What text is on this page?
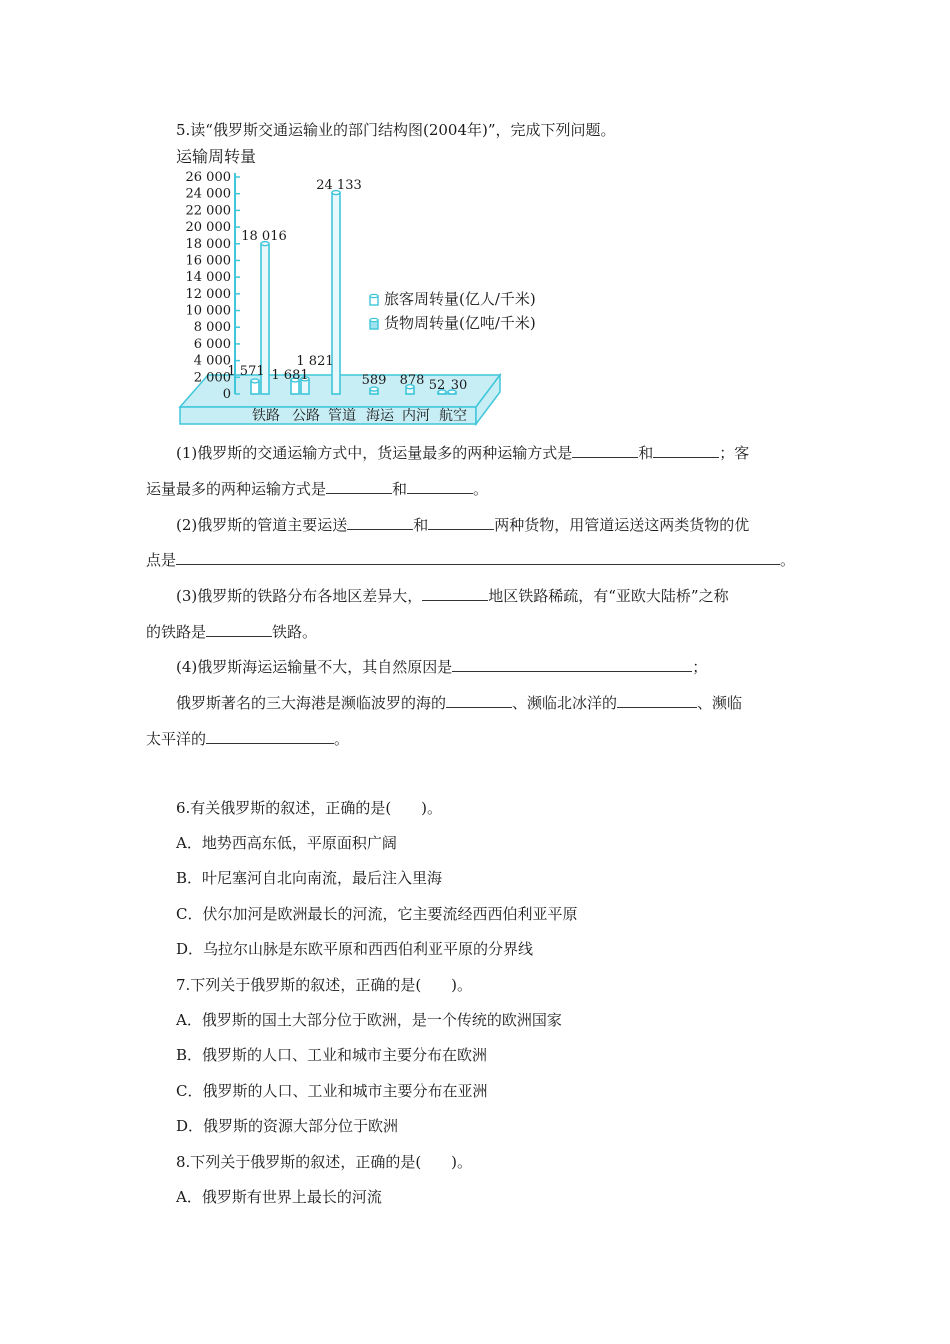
5.读“俄罗斯交通运输业的部门结构图(2004年)”，完成下列问题。
运输周转量
0
2 000
4 000
6 000
8 000
10 000
12 000
14 000
16 000
18 000
20 000
22 000
24 000
26 000
铁路 公路 管道 海运 内河 航空
1 571 1 681
52
18 016
1 821
24 133
589 878 30
旅客周转量(亿人/千米)
货物周转量(亿吨/千米)
(1)俄罗斯的交通运输方式中，货运量最多的两种运输方式是	和	；客
运量最多的两种运输方式是	和	。
(2)俄罗斯的管道主要运送	和	两种货物，用管道运送这两类货物的优
点是	。
(3)俄罗斯的铁路分布各地区差异大，	地区铁路稀疏，有“亚欧大陆桥”之称
的铁路是	铁路。
(4)俄罗斯海运运输量不大，其自然原因是	；
俄罗斯著名的三大海港是濒临波罗的海的	、濒临北冰洋的	、濒临
太平洋的	。
6.有关俄罗斯的叙述，正确的是(　　)。
A．地势西高东低，平原面积广阔
B．叶尼塞河自北向南流，最后注入里海
C．伏尔加河是欧洲最长的河流，它主要流经西西伯利亚平原
D．乌拉尔山脉是东欧平原和西西伯利亚平原的分界线
7.下列关于俄罗斯的叙述，正确的是(　　)。
A．俄罗斯的国土大部分位于欧洲，是一个传统的欧洲国家
B．俄罗斯的人口、工业和城市主要分布在欧洲
C．俄罗斯的人口、工业和城市主要分布在亚洲
D．俄罗斯的资源大部分位于欧洲
8.下列关于俄罗斯的叙述，正确的是(　　)。
A．俄罗斯有世界上最长的河流
